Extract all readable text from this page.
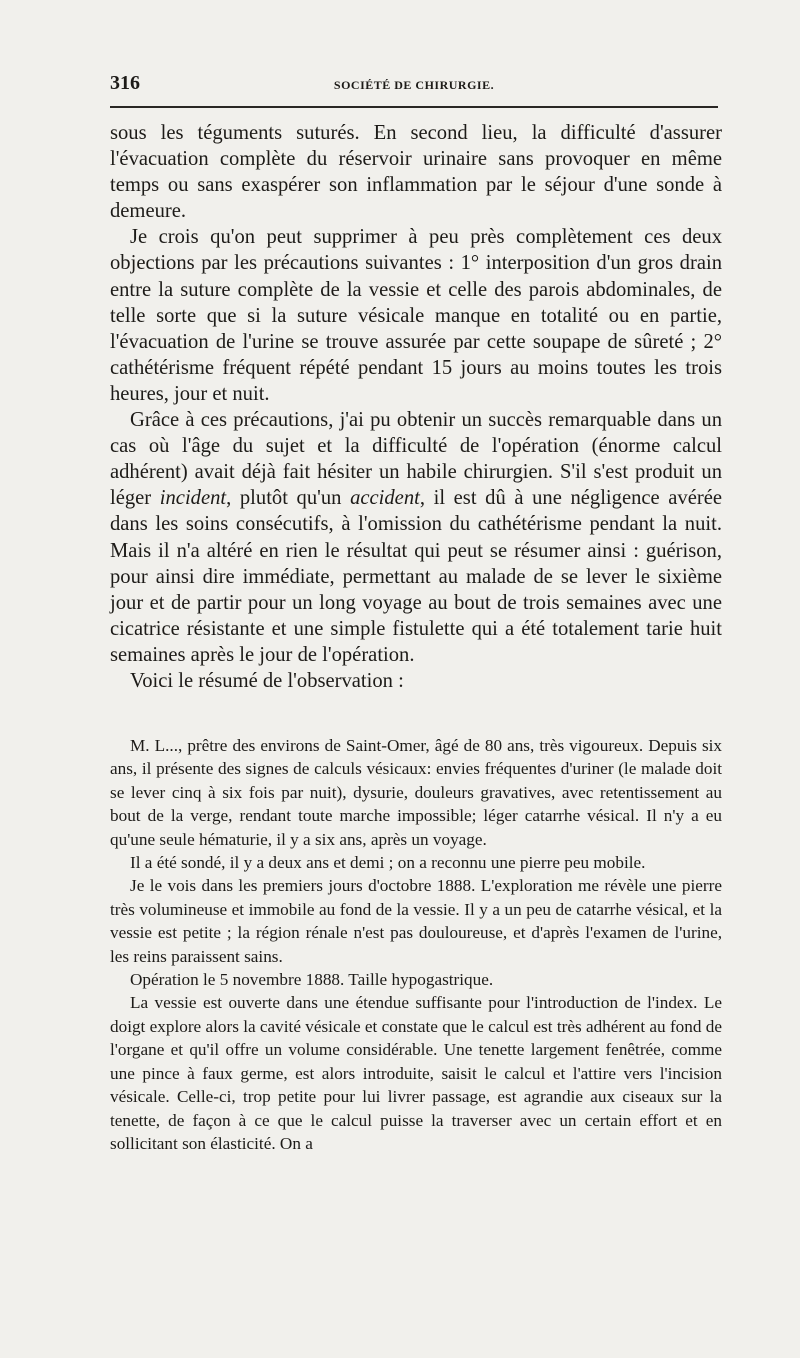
316	SOCIÉTÉ DE CHIRURGIE.

sous les téguments suturés. En second lieu, la difficulté d'assurer l'évacuation complète du réservoir urinaire sans provoquer en même temps ou sans exaspérer son inflammation par le séjour d'une sonde à demeure.

Je crois qu'on peut supprimer à peu près complètement ces deux objections par les précautions suivantes : 1° interposition d'un gros drain entre la suture complète de la vessie et celle des parois abdominales, de telle sorte que si la suture vésicale manque en totalité ou en partie, l'évacuation de l'urine se trouve assurée par cette soupape de sûreté ; 2° cathétérisme fréquent répété pendant 15 jours au moins toutes les trois heures, jour et nuit.

Grâce à ces précautions, j'ai pu obtenir un succès remarquable dans un cas où l'âge du sujet et la difficulté de l'opération (énorme calcul adhérent) avait déjà fait hésiter un habile chirurgien. S'il s'est produit un léger incident, plutôt qu'un accident, il est dû à une négligence avérée dans les soins consécutifs, à l'omission du cathétérisme pendant la nuit. Mais il n'a altéré en rien le résultat qui peut se résumer ainsi : guérison, pour ainsi dire immédiate, permettant au malade de se lever le sixième jour et de partir pour un long voyage au bout de trois semaines avec une cicatrice résistante et une simple fistulette qui a été totalement tarie huit semaines après le jour de l'opération.

Voici le résumé de l'observation :

M. L..., prêtre des environs de Saint-Omer, âgé de 80 ans, très vigoureux. Depuis six ans, il présente des signes de calculs vésicaux: envies fréquentes d'uriner (le malade doit se lever cinq à six fois par nuit), dysurie, douleurs gravatives, avec retentissement au bout de la verge, rendant toute marche impossible; léger catarrhe vésical. Il n'y a eu qu'une seule hématurie, il y a six ans, après un voyage.

Il a été sondé, il y a deux ans et demi ; on a reconnu une pierre peu mobile.

Je le vois dans les premiers jours d'octobre 1888. L'exploration me révèle une pierre très volumineuse et immobile au fond de la vessie. Il y a un peu de catarrhe vésical, et la vessie est petite ; la région rénale n'est pas douloureuse, et d'après l'examen de l'urine, les reins paraissent sains.

Opération le 5 novembre 1888. Taille hypogastrique.

La vessie est ouverte dans une étendue suffisante pour l'introduction de l'index. Le doigt explore alors la cavité vésicale et constate que le calcul est très adhérent au fond de l'organe et qu'il offre un volume considérable. Une tenette largement fenêtrée, comme une pince à faux germe, est alors introduite, saisit le calcul et l'attire vers l'incision vésicale. Celle-ci, trop petite pour lui livrer passage, est agrandie aux ciseaux sur la tenette, de façon à ce que le calcul puisse la traverser avec un certain effort et en sollicitant son élasticité. On a
